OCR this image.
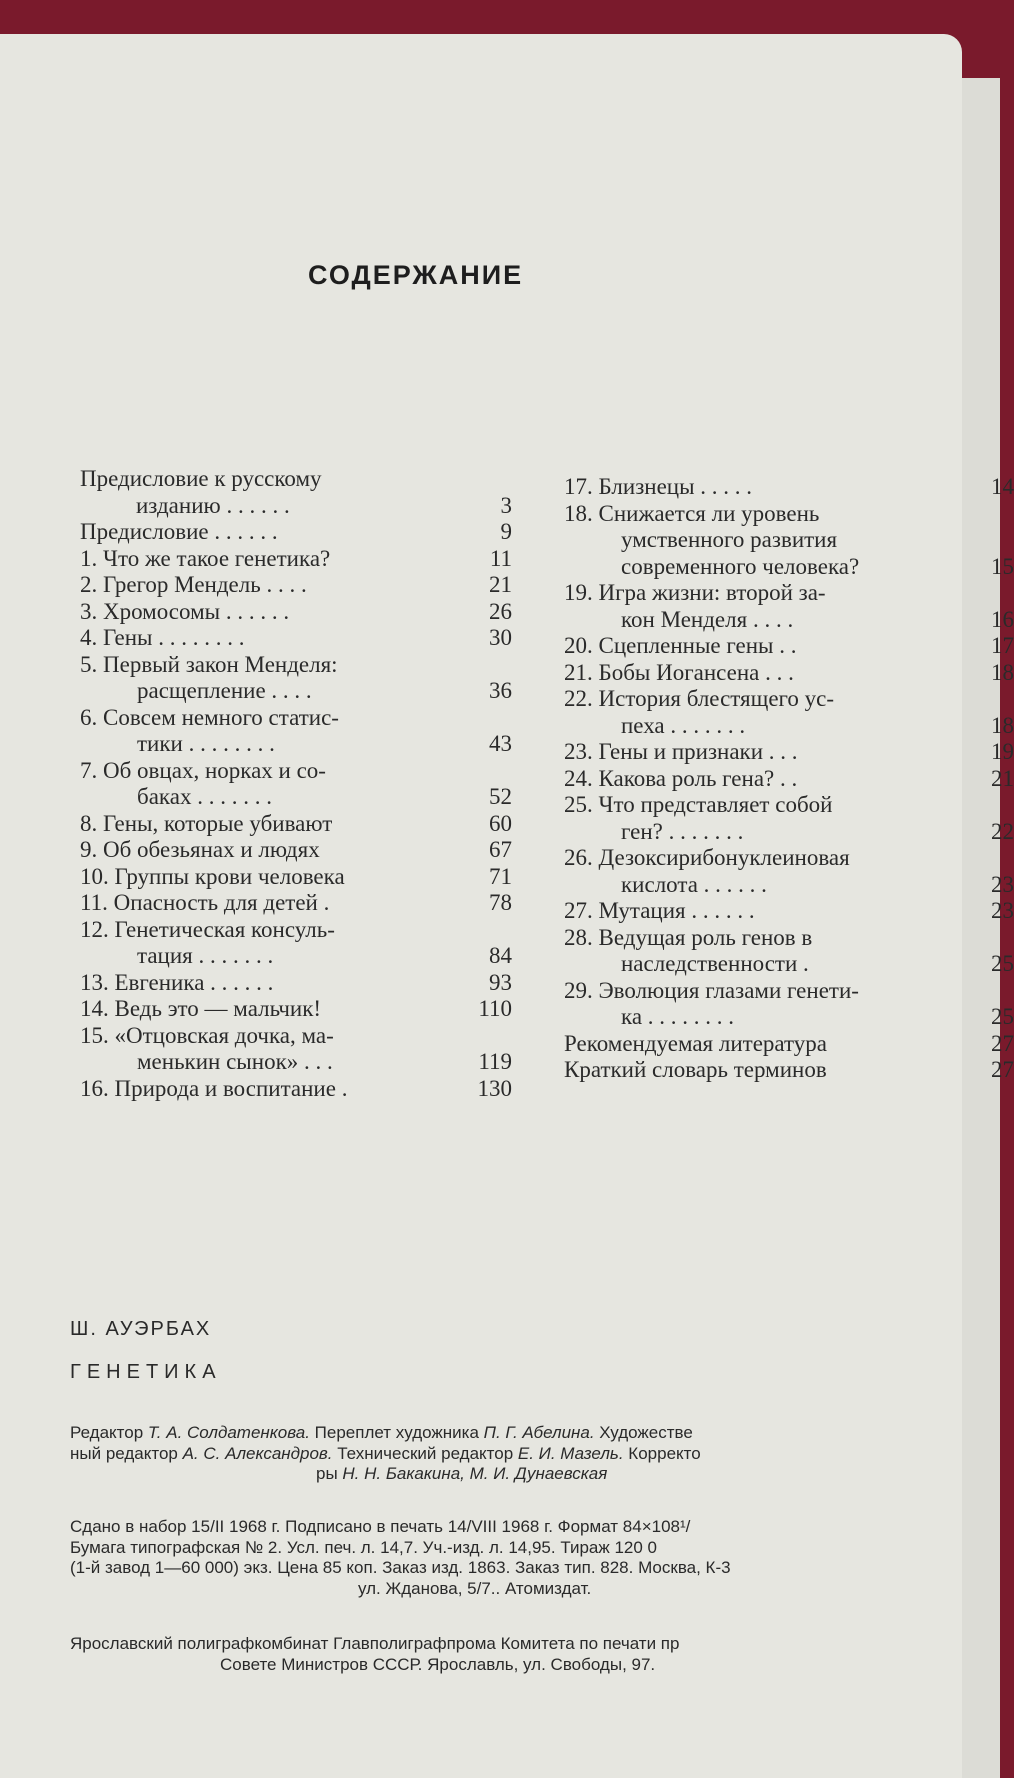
СОДЕРЖАНИЕ
Предисловие к русскому
изданию . . . . . .	3
Предисловие . . . . . .	9
1. Что же такое генетика?	11
2. Грегор Мендель . . . .	21
3. Хромосомы . . . . . .	26
4. Гены . . . . . . . .	30
5. Первый закон Менделя:
расщепление . . . .	36
6. Совсем немного статис-
тики . . . . . . . .	43
7. Об овцах, норках и со-
баках . . . . . . .	52
8. Гены, которые убивают	60
9. Об обезьянах и людях	67
10. Группы крови человека	71
11. Опасность для детей .	78
12. Генетическая консуль-
тация . . . . . . .	84
13. Евгеника . . . . . .	93
14. Ведь это — мальчик!	110
15. «Отцовская дочка, ма-
менькин сынок» . . .	119
16. Природа и воспитание .	130
17. Близнецы . . . . .	14
18. Снижается ли уровень
умственного развития
современного человека?	15
19. Игра жизни: второй за-
кон Менделя . . . .	16
20. Сцепленные гены . .	17
21. Бобы Иогансена . . .	18
22. История блестящего ус-
пеха . . . . . . .	18
23. Гены и признаки . . .	19
24. Какова роль гена? . .	21
25. Что представляет собой
ген? . . . . . . .	22
26. Дезоксирибонуклеиновая
кислота . . . . . .	23
27. Мутация . . . . . .	23
28. Ведущая роль генов в
наследственности .	25
29. Эволюция глазами генети-
ка . . . . . . . .	25
Рекомендуемая литература	27
Краткий словарь терминов	27
Ш. АУЭРБАХ
ГЕНЕТИКА
Редактор Т. А. Солдатенкова. Переплет художника П. Г. Абелина. Художестве
ный редактор А. С. Александров. Технический редактор Е. И. Мазель. Корректо
ры Н. Н. Бакакина, М. И. Дунаевская
Сдано в набор 15/II 1968 г. Подписано в печать 14/VIII 1968 г. Формат 84×108¹/
Бумага типографская № 2. Усл. печ. л. 14,7. Уч.-изд. л. 14,95. Тираж 120 0
(1-й завод 1—60 000) экз. Цена 85 коп. Заказ изд. 1863. Заказ тип. 828. Москва, К-3
ул. Жданова, 5/7.. Атомиздат.
Ярославский полиграфкомбинат Главполиграфпрома Комитета по печати пр
Совете Министров СССР. Ярославль, ул. Свободы, 97.
